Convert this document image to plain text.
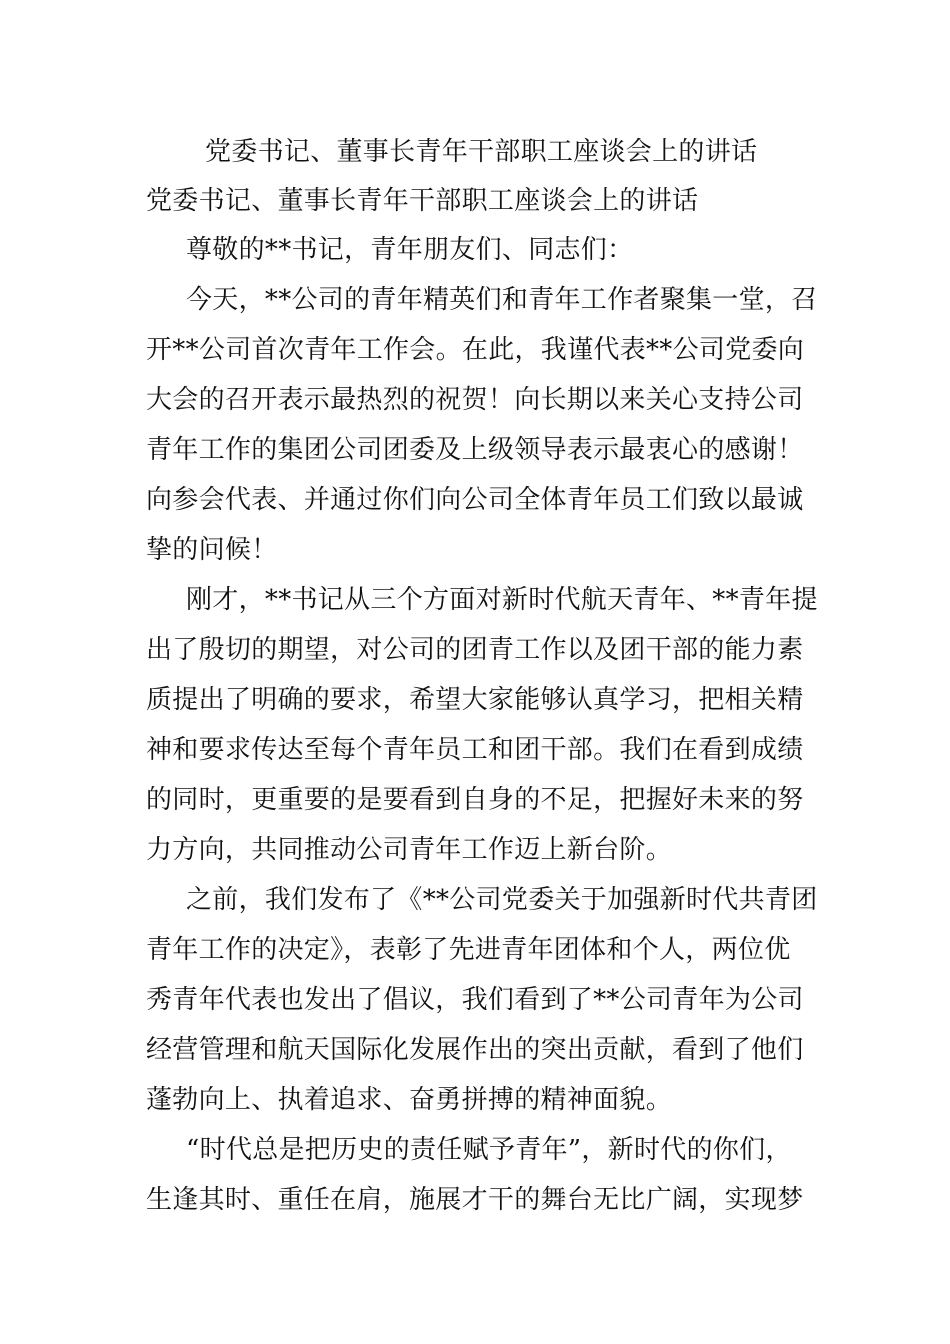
党委书记、董事长青年干部职工座谈会上的讲话
党委书记、董事长青年干部职工座谈会上的讲话
尊敬的**书记，青年朋友们、同志们：
今天，**公司的青年精英们和青年工作者聚集一堂，召
开**公司首次青年工作会。在此，我谨代表**公司党委向
大会的召开表示最热烈的祝贺！向长期以来关心支持公司
青年工作的集团公司团委及上级领导表示最衷心的感谢！
向参会代表、并通过你们向公司全体青年员工们致以最诚
挚的问候！
刚才，**书记从三个方面对新时代航天青年、**青年提
出了殷切的期望，对公司的团青工作以及团干部的能力素
质提出了明确的要求，希望大家能够认真学习，把相关精
神和要求传达至每个青年员工和团干部。我们在看到成绩
的同时，更重要的是要看到自身的不足，把握好未来的努
力方向，共同推动公司青年工作迈上新台阶。
之前，我们发布了《**公司党委关于加强新时代共青团
青年工作的决定》，表彰了先进青年团体和个人，两位优
秀青年代表也发出了倡议，我们看到了**公司青年为公司
经营管理和航天国际化发展作出的突出贡献，看到了他们
蓬勃向上、执着追求、奋勇拼搏的精神面貌。
“时代总是把历史的责任赋予青年”，新时代的你们，
生逢其时、重任在肩，施展才干的舞台无比广阔，实现梦
